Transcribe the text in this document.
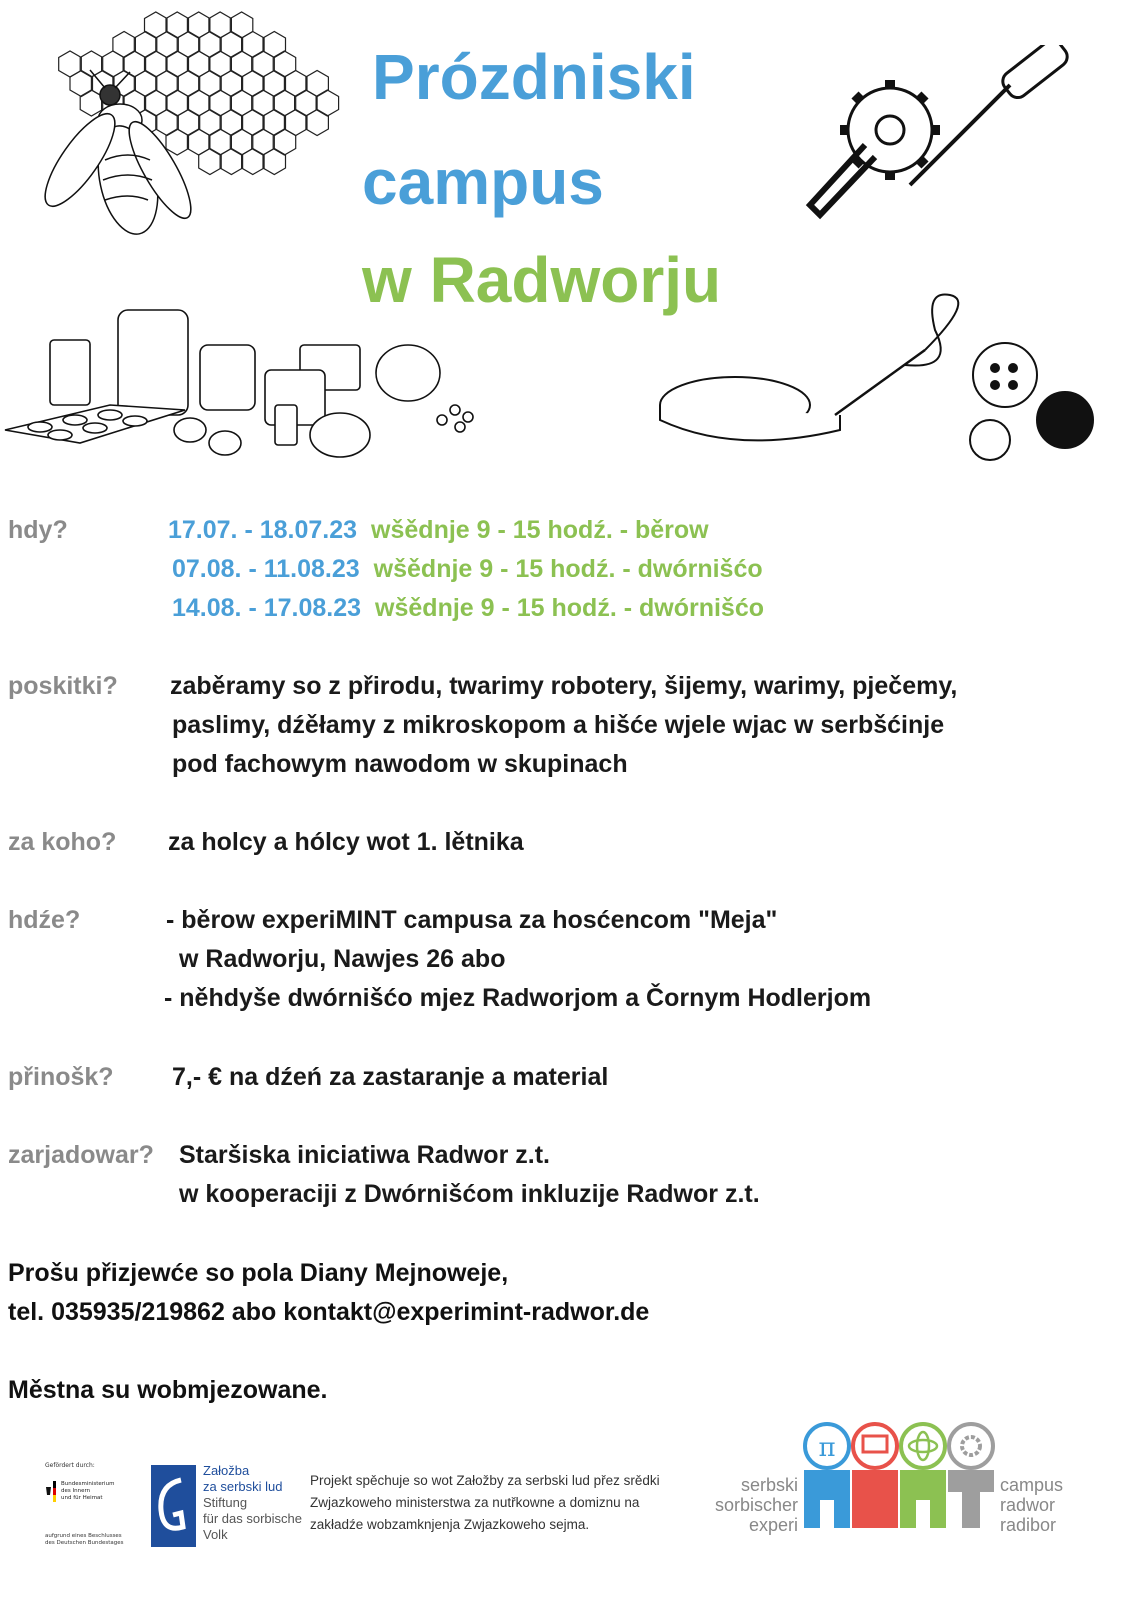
Prózdniski
campus
w Radworju
hdy?	17.07. - 18.07.23 wšědnje 9 - 15 hodź. - běrow
07.08. - 11.08.23 wšědnje 9 - 15 hodź. - dwórnišćo
14.08. - 17.08.23 wšědnje 9 - 15 hodź. - dwórnišćo
poskitki? zaběramy so z přirodu, twarimy robotery, šijemy, warimy, pječemy,
paslimy, dźěłamy z mikroskopom a hišće wjele wjac w serbšćinje
pod fachowym nawodom w skupinach
za koho? za holcy a hólcy wot 1. lětnika
hdźe?	- běrow experiMINT campusa za hosćencom "Meja"
w Radworju, Nawjes 26 abo
- něhdyše dwórnišćo mjez Radworjom a Čornym Hodlerjom
přinošk? 7,- € na dźeń za zastaranje a material
zarjadowar? Staršiska iniciatiwa Radwor z.t.
w kooperaciji z Dwórnišćom inkluzije Radwor z.t.
Prošu přizjewće so pola Diany Mejnoweje,
tel. 035935/219862 abo kontakt@experimint-radwor.de
Městna su wobmjezowane.
Gefördert durch:
Bundesministerium
des Innern
und für Heimat
aufgrund eines Beschlusses
des Deutschen Bundestages
Załožba
za serbski lud
Stiftung
für das sorbische
Volk
Projekt spěchuje so wot Załožby za serbski lud přez srědki
Zwjazkoweho ministerstwa za nutřkowne a domiznu na
zakładźe wobzamknjenja Zwjazkoweho sejma.
serbski
sorbischer
experi
π
campus
radwor
radibor
